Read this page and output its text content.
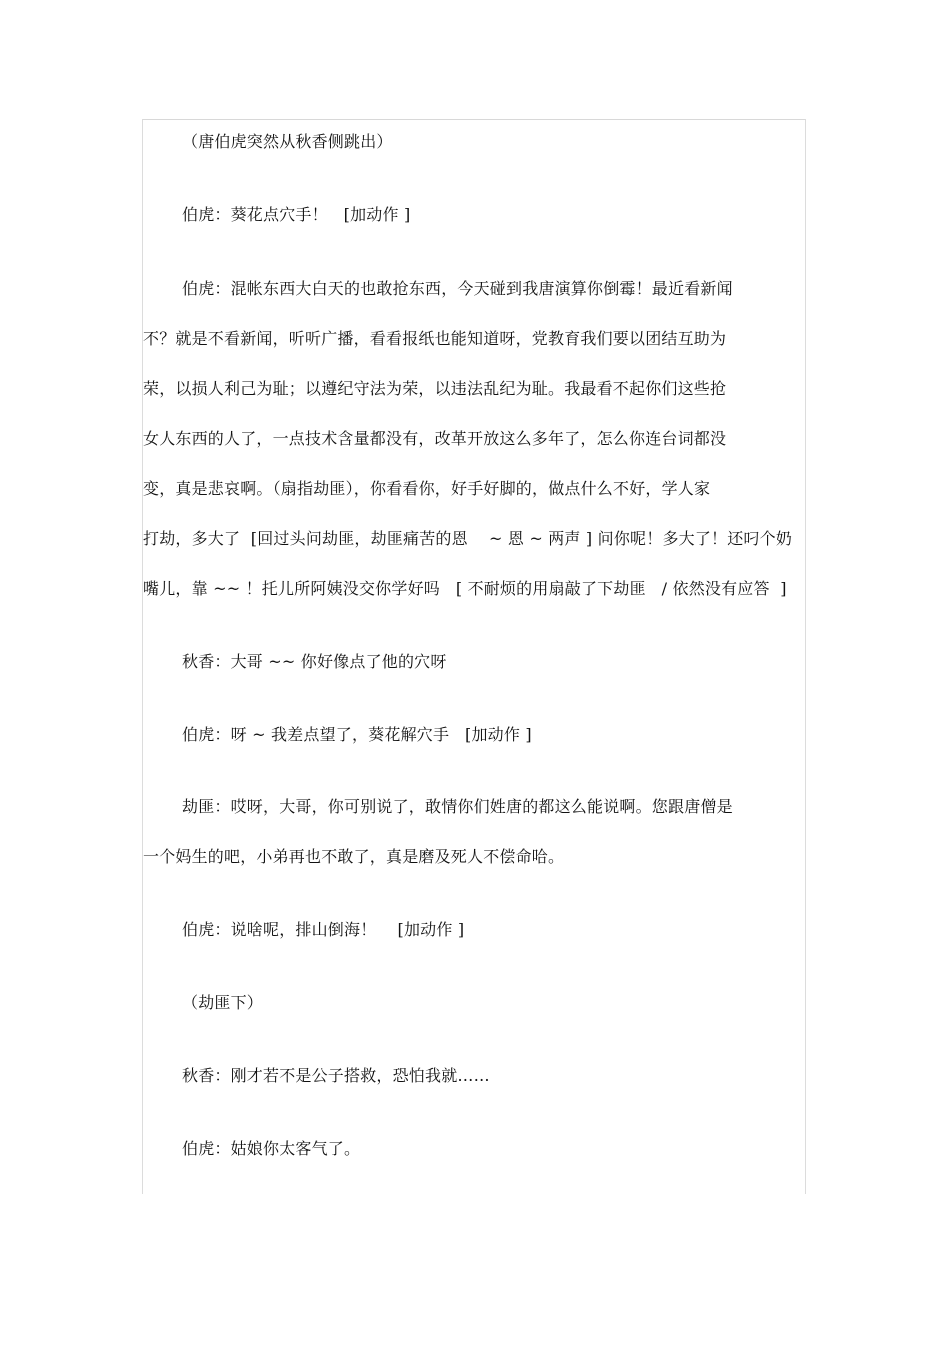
（唐伯虎突然从秋香侧跳出）
伯虎：葵花点穴手！   [加动作 ]
伯虎：混帐东西大白天的也敢抢东西，今天碰到我唐演算你倒霉！最近看新闻
不？就是不看新闻，听听广播，看看报纸也能知道呀，党教育我们要以团结互助为
荣，以损人利己为耻；以遵纪守法为荣，以违法乱纪为耻。我最看不起你们这些抢
女人东西的人了，一点技术含量都没有，改革开放这么多年了，怎么你连台词都没
变，真是悲哀啊。（扇指劫匪），你看看你，好手好脚的，做点什么不好，学人家
打劫，多大了  [回过头问劫匪，劫匪痛苦的恩    ~ 恩 ~ 两声 ] 问你呢！多大了！还叼个奶
嘴儿，靠 ~~ ！托儿所阿姨没交你学好吗   [ 不耐烦的用扇敲了下劫匪   / 依然没有应答  ]
秋香：大哥 ~~ 你好像点了他的穴呀
伯虎：呀 ~ 我差点望了，葵花解穴手   [加动作 ]
劫匪：哎呀，大哥，你可别说了，敢情你们姓唐的都这么能说啊。您跟唐僧是
一个妈生的吧，小弟再也不敢了，真是磨及死人不偿命哈。
伯虎：说啥呢，排山倒海！    [加动作 ]
（劫匪下）
秋香：刚才若不是公子搭救，恐怕我就……
伯虎：姑娘你太客气了。
